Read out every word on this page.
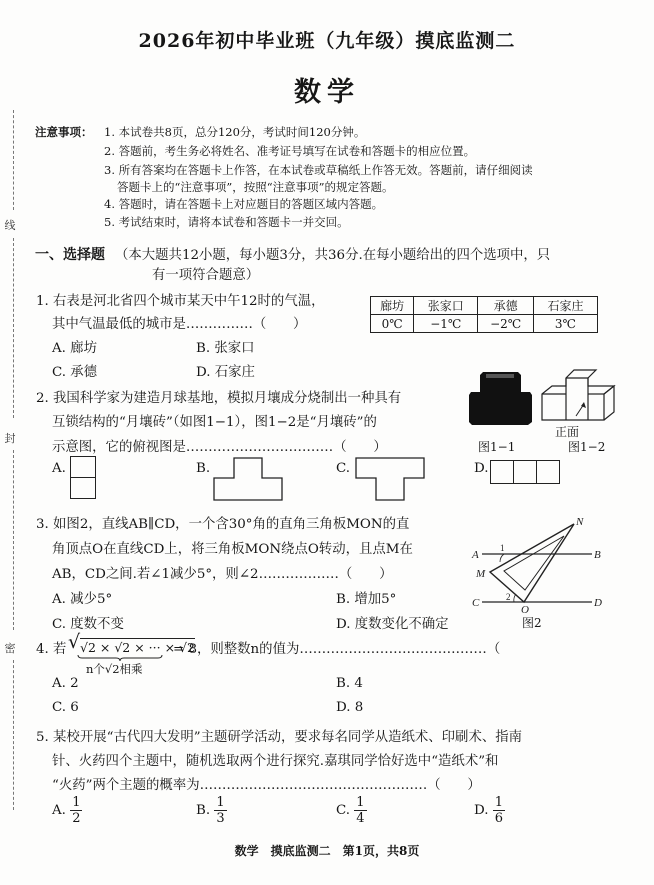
2026年初中毕业班（九年级）摸底监测二
数学
线
封
密
注意事项： 1. 本试卷共8页，总分120分，考试时间120分钟。
2. 答题前，考生务必将姓名、准考证号填写在试卷和答题卡的相应位置。
3. 所有答案均在答题卡上作答，在本试卷或草稿纸上作答无效。答题前，请仔细阅读
答题卡上的“注意事项”，按照“注意事项”的规定答题。
4. 答题时，请在答题卡上对应题目的答题区域内答题。
5. 考试结束时，请将本试卷和答题卡一并交回。
一、选择题 （本大题共12小题，每小题3分，共36分.在每小题给出的四个选项中，只
有一项符合题意）
1. 右表是河北省四个城市某天中午12时的气温，
其中气温最低的城市是……………（　　）
廊坊	张家口	承德	石家庄
0℃	−1℃	−2℃	3℃
A. 廊坊	B. 张家口
C. 承德	D. 石家庄
2. 我国科学家为建造月球基地，模拟月壤成分烧制出一种具有
互锁结构的“月壤砖”（如图1−1），图1−2是“月壤砖”的
示意图，它的俯视图是……………………………（　　）	图1−1
正面
图1−2
A.	B.	C.	D.
3. 如图2，直线AB∥CD，一个含30°角的直角三角板MON的直
角顶点O在直线CD上，将三角板MON绕点O转动，且点M在
AB，CD之间.若∠1减少5°，则∠2………………（　　）
A. 减少5°	B. 增加5°
C. 度数不变	D. 度数变化不确定
N
A	B
M
C
O
D
1
2
图2
4. 若 √ √2 × √2 × ··· × √2
n个√2相乘
= 8，则整数n的值为……………………………………（
A. 2	B. 4
C. 6	D. 8
5. 某校开展“古代四大发明”主题研学活动，要求每名同学从造纸术、印刷术、指南
针、火药四个主题中，随机选取两个进行探究.嘉琪同学恰好选中“造纸术”和
“火药”两个主题的概率为……………………………………………（　　）
A. $\frac{1}{2}$	B. $\frac{1}{3}$	C. $\frac{1}{4}$	D. $\frac{1}{6}$
数学　摸底监测二　第1页，共8页
